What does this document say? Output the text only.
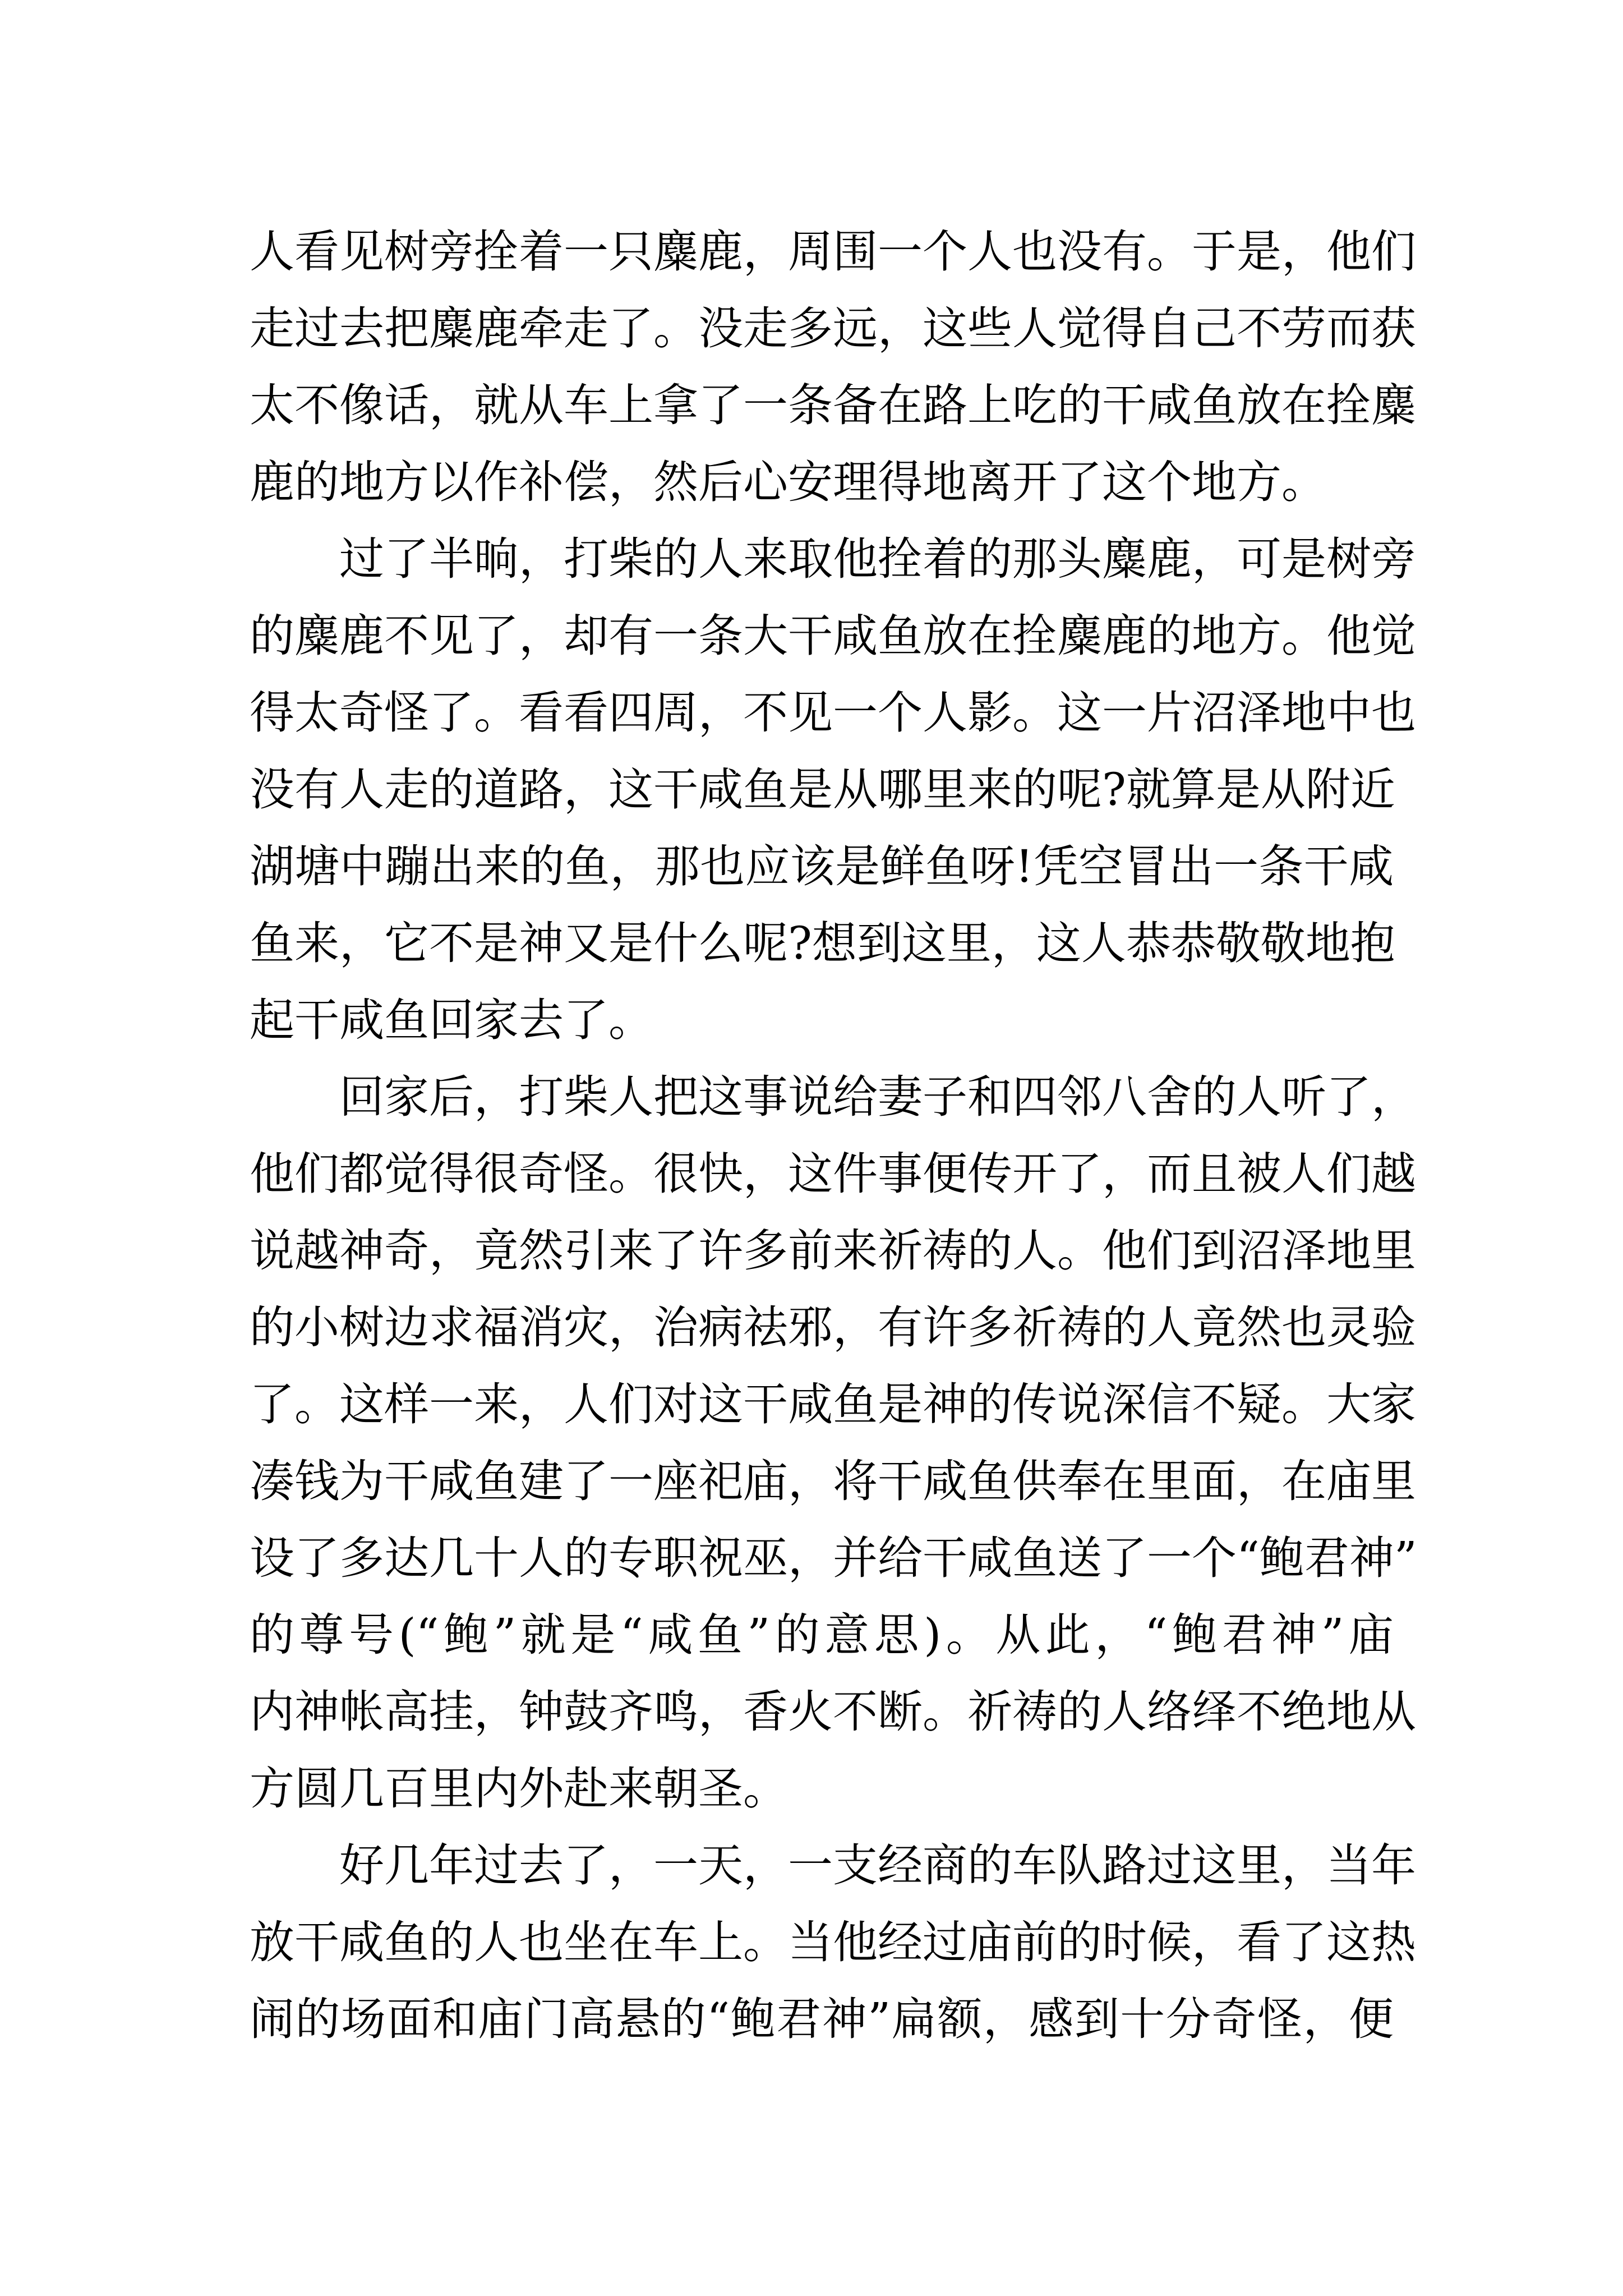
人看见树旁拴着一只麋鹿，周围一个人也没有。于是，他们
走过去把麋鹿牵走了。没走多远，这些人觉得自己不劳而获
太不像话，就从车上拿了一条备在路上吃的干咸鱼放在拴麋
鹿的地方以作补偿，然后心安理得地离开了这个地方。
过了半晌，打柴的人来取他拴着的那头麋鹿，可是树旁
的麋鹿不见了，却有一条大干咸鱼放在拴麋鹿的地方。他觉
得太奇怪了。看看四周，不见一个人影。这一片沼泽地中也
没有人走的道路，这干咸鱼是从哪里来的呢?就算是从附近
湖塘中蹦出来的鱼，那也应该是鲜鱼呀!凭空冒出一条干咸
鱼来，它不是神又是什么呢?想到这里，这人恭恭敬敬地抱
起干咸鱼回家去了。
回家后，打柴人把这事说给妻子和四邻八舍的人听了，
他们都觉得很奇怪。很快，这件事便传开了，而且被人们越
说越神奇，竟然引来了许多前来祈祷的人。他们到沼泽地里
的小树边求福消灾，治病祛邪，有许多祈祷的人竟然也灵验
了。这样一来，人们对这干咸鱼是神的传说深信不疑。大家
凑钱为干咸鱼建了一座祀庙，将干咸鱼供奉在里面，在庙里
设了多达几十人的专职祝巫，并给干咸鱼送了一个“鲍君神”
的尊号(“鲍”就是“咸鱼”的意思)。从此，“鲍君神”庙
内神帐高挂，钟鼓齐鸣，香火不断。祈祷的人络绎不绝地从
方圆几百里内外赴来朝圣。
好几年过去了，一天，一支经商的车队路过这里，当年
放干咸鱼的人也坐在车上。当他经过庙前的时候，看了这热
闹的场面和庙门高悬的“鲍君神”扁额，感到十分奇怪，便
